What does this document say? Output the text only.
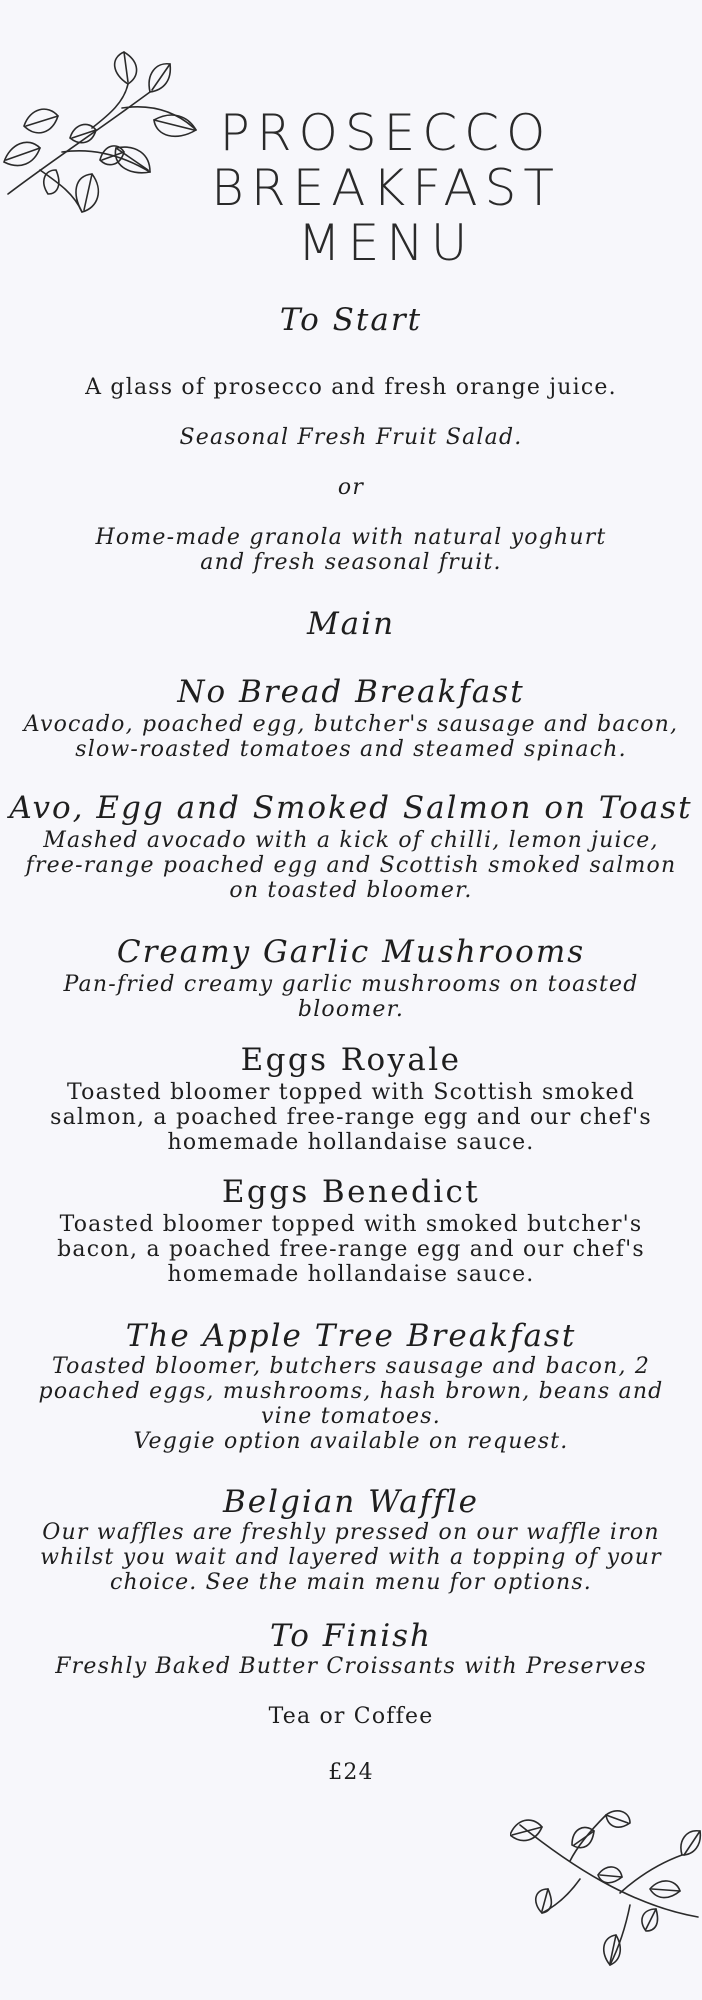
PROSECCO
BREAKFAST
MENU

To Start

A glass of prosecco and fresh orange juice.

Seasonal Fresh Fruit Salad.

or

Home-made granola with natural yoghurt

and fresh seasonal fruit.

Main

No Bread Breakfast

Avocado, poached egg, butcher's sausage and bacon,

slow-roasted tomatoes and steamed spinach.

Avo, Egg and Smoked Salmon on Toast

Mashed avocado with a kick of chilli, lemon juice,

free-range poached egg and Scottish smoked salmon

on toasted bloomer.

Creamy Garlic Mushrooms

Pan-fried creamy garlic mushrooms on toasted

bloomer.

Eggs Royale

Toasted bloomer topped with Scottish smoked

salmon, a poached free-range egg and our chef's

homemade hollandaise sauce.

Eggs Benedict

Toasted bloomer topped with smoked butcher's

bacon, a poached free-range egg and our chef's

homemade hollandaise sauce.

The Apple Tree Breakfast

Toasted bloomer, butchers sausage and bacon, 2

poached eggs, mushrooms, hash brown, beans and

vine tomatoes.

Veggie option available on request.

Belgian Waffle

Our waffles are freshly pressed on our waffle iron

whilst you wait and layered with a topping of your

choice. See the main menu for options.

To Finish

Freshly Baked Butter Croissants with Preserves

Tea or Coffee

£24
